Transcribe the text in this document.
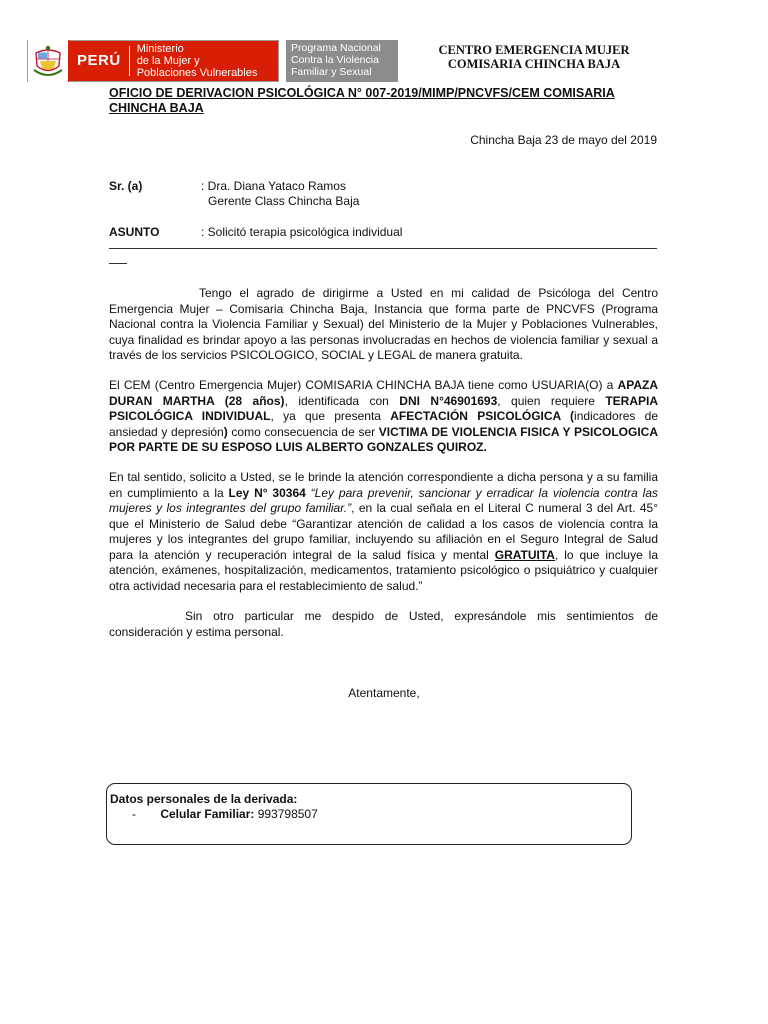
PERÚ
Ministerio
de la Mujer y
Poblaciones Vulnerables
Programa Nacional
Contra la Violencia
Familiar y Sexual
CENTRO EMERGENCIA MUJER
COMISARIA CHINCHA BAJA
OFICIO DE DERIVACION PSICOLÓGICA N° 007-2019/MIMP/PNCVFS/CEM COMISARIA CHINCHA BAJA
Chincha Baja 23 de mayo del 2019
Sr. (a)	: Dra. Diana Yataco Ramos
Gerente Class Chincha Baja
ASUNTO	: Solicitó terapia psicológica individual
Tengo el agrado de dirigirme a Usted en mi calidad de Psicóloga del Centro Emergencia Mujer – Comisaria Chincha Baja, Instancia que forma parte de PNCVFS (Programa Nacional contra la Violencia Familiar y Sexual) del Ministerio de la Mujer y Poblaciones Vulnerables, cuya finalidad es brindar apoyo a las personas involucradas en hechos de violencia familiar y sexual a través de los servicios PSICOLOGICO, SOCIAL y LEGAL de manera gratuita.
El CEM (Centro Emergencia Mujer) COMISARIA CHINCHA BAJA tiene como USUARIA(O) a APAZA DURAN MARTHA (28 años), identificada con DNI N°46901693, quien requiere TERAPIA PSICOLÓGICA INDIVIDUAL, ya que presenta AFECTACIÓN PSICOLÓGICA (indicadores de ansiedad y depresión) como consecuencia de ser VICTIMA DE VIOLENCIA FISICA Y PSICOLOGICA POR PARTE DE SU ESPOSO LUIS ALBERTO GONZALES QUIROZ.
En tal sentido, solicito a Usted, se le brinde la atención correspondiente a dicha persona y a su familia en cumplimiento a la Ley N° 30364 “Ley para prevenir, sancionar y erradicar la violencia contra las mujeres y los integrantes del grupo familiar.”, en la cual señala en el Literal C numeral 3 del Art. 45° que el Ministerio de Salud debe “Garantizar atención de calidad a los casos de violencia contra la mujeres y los integrantes del grupo familiar, incluyendo su afiliación en el Seguro Integral de Salud para la atención y recuperación integral de la salud física y mental GRATUITA, lo que incluye la atención, exámenes, hospitalización, medicamentos, tratamiento psicológico o psiquiátrico y cualquier otra actividad necesaria para el restablecimiento de salud.”
Sin otro particular me despido de Usted, expresándole mis sentimientos de consideración y estima personal.
Atentamente,
Datos personales de la derivada:
- Celular Familiar: 993798507
